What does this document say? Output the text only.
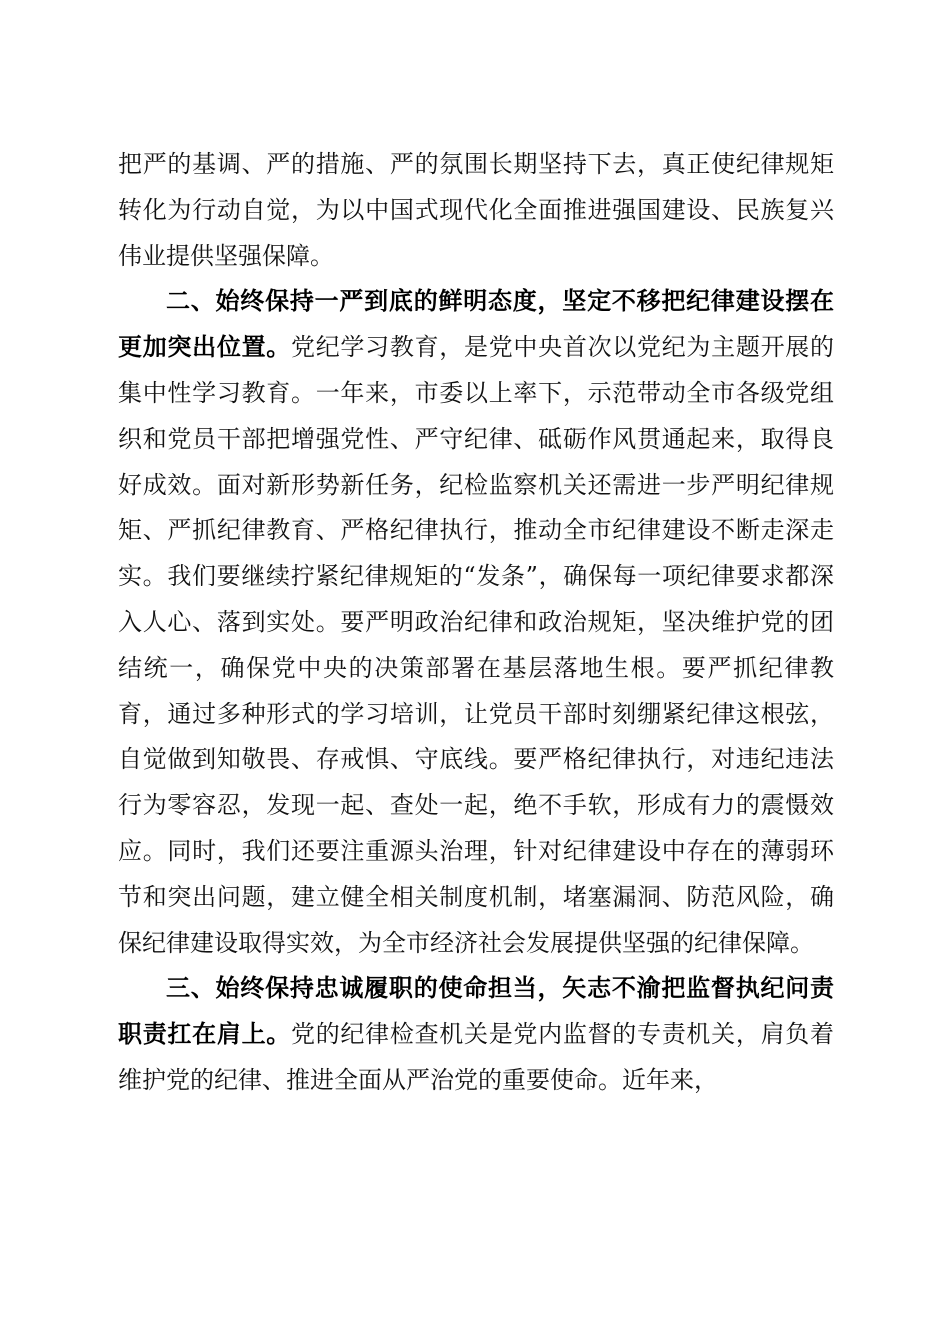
把严的基调、严的措施、严的氛围长期坚持下去，真正使纪律规矩转化为行动自觉，为以中国式现代化全面推进强国建设、民族复兴伟业提供坚强保障。

二、始终保持一严到底的鲜明态度，坚定不移把纪律建设摆在更加突出位置。党纪学习教育，是党中央首次以党纪为主题开展的集中性学习教育。一年来，市委以上率下，示范带动全市各级党组织和党员干部把增强党性、严守纪律、砥砺作风贯通起来，取得良好成效。面对新形势新任务，纪检监察机关还需进一步严明纪律规矩、严抓纪律教育、严格纪律执行，推动全市纪律建设不断走深走实。我们要继续拧紧纪律规矩的“发条”，确保每一项纪律要求都深入人心、落到实处。要严明政治纪律和政治规矩，坚决维护党的团结统一，确保党中央的决策部署在基层落地生根。要严抓纪律教育，通过多种形式的学习培训，让党员干部时刻绷紧纪律这根弦，自觉做到知敬畏、存戒惧、守底线。要严格纪律执行，对违纪违法行为零容忍，发现一起、查处一起，绝不手软，形成有力的震慑效应。同时，我们还要注重源头治理，针对纪律建设中存在的薄弱环节和突出问题，建立健全相关制度机制，堵塞漏洞、防范风险，确保纪律建设取得实效，为全市经济社会发展提供坚强的纪律保障。

三、始终保持忠诚履职的使命担当，矢志不渝把监督执纪问责职责扛在肩上。党的纪律检查机关是党内监督的专责机关，肩负着维护党的纪律、推进全面从严治党的重要使命。近年来，
